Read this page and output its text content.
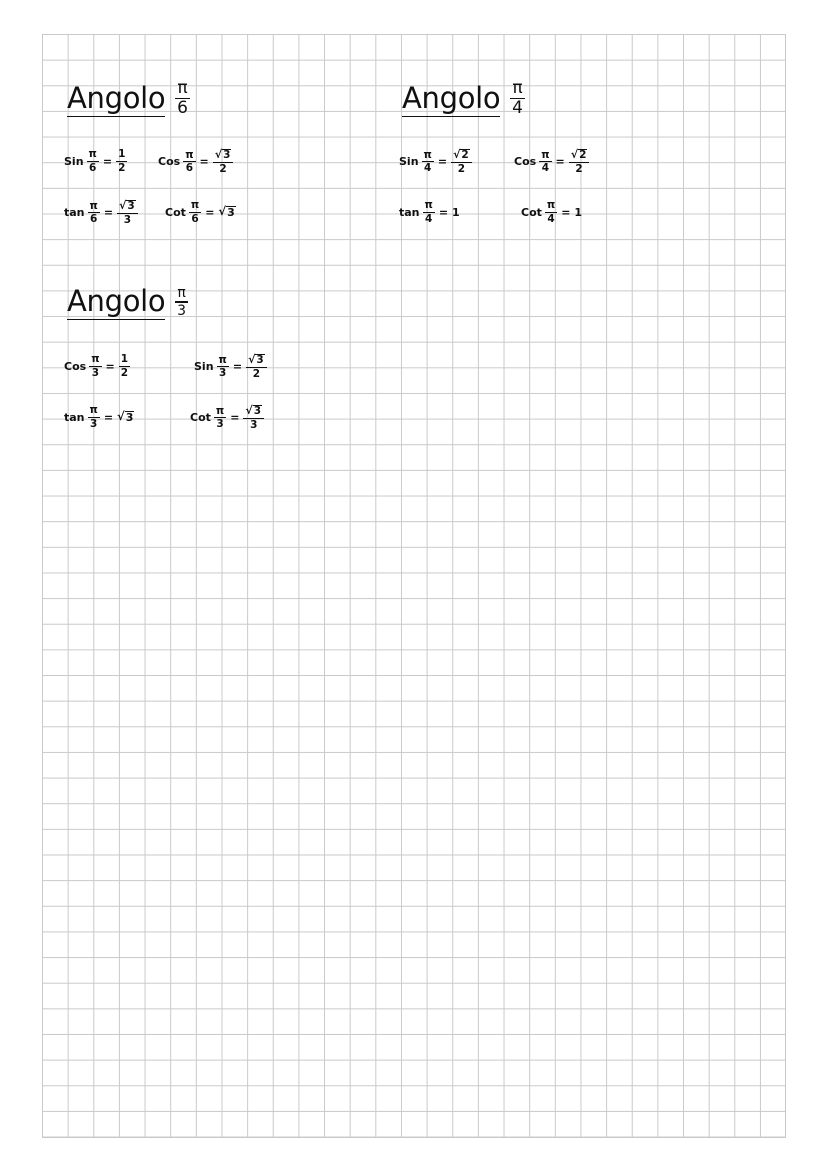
Angolo $\frac{\pi}{6}$
Sin $\frac{\pi}{6} = \frac{1}{2}$	Cos $\frac{\pi}{6} = \frac{√ 3}{2}$
$\tan \frac{\pi}{6} = \frac{√ 3}{3}$ Cot $\frac{\pi}{6}$ = √ 3
Angolo $\frac{\pi}{4}$
Sin $\frac{\pi}{4} = \frac{√ 2}{2}$	Cos $\frac{\pi}{4} = \frac{√ 2}{2}$
$\tan \frac{\pi}{4} = 1$	Cot $\frac{\pi}{4} = 1$
Angolo $\frac{\pi}{3}$
Cos $\frac{\pi}{3} = \frac{1}{2}$	Sin $\frac{\pi}{3} = \frac{√ 3}{2}$
$\tan \frac{\pi}{3}$ = √ 3	Cot $\frac{\pi}{3} = \frac{√ 3}{3}$
